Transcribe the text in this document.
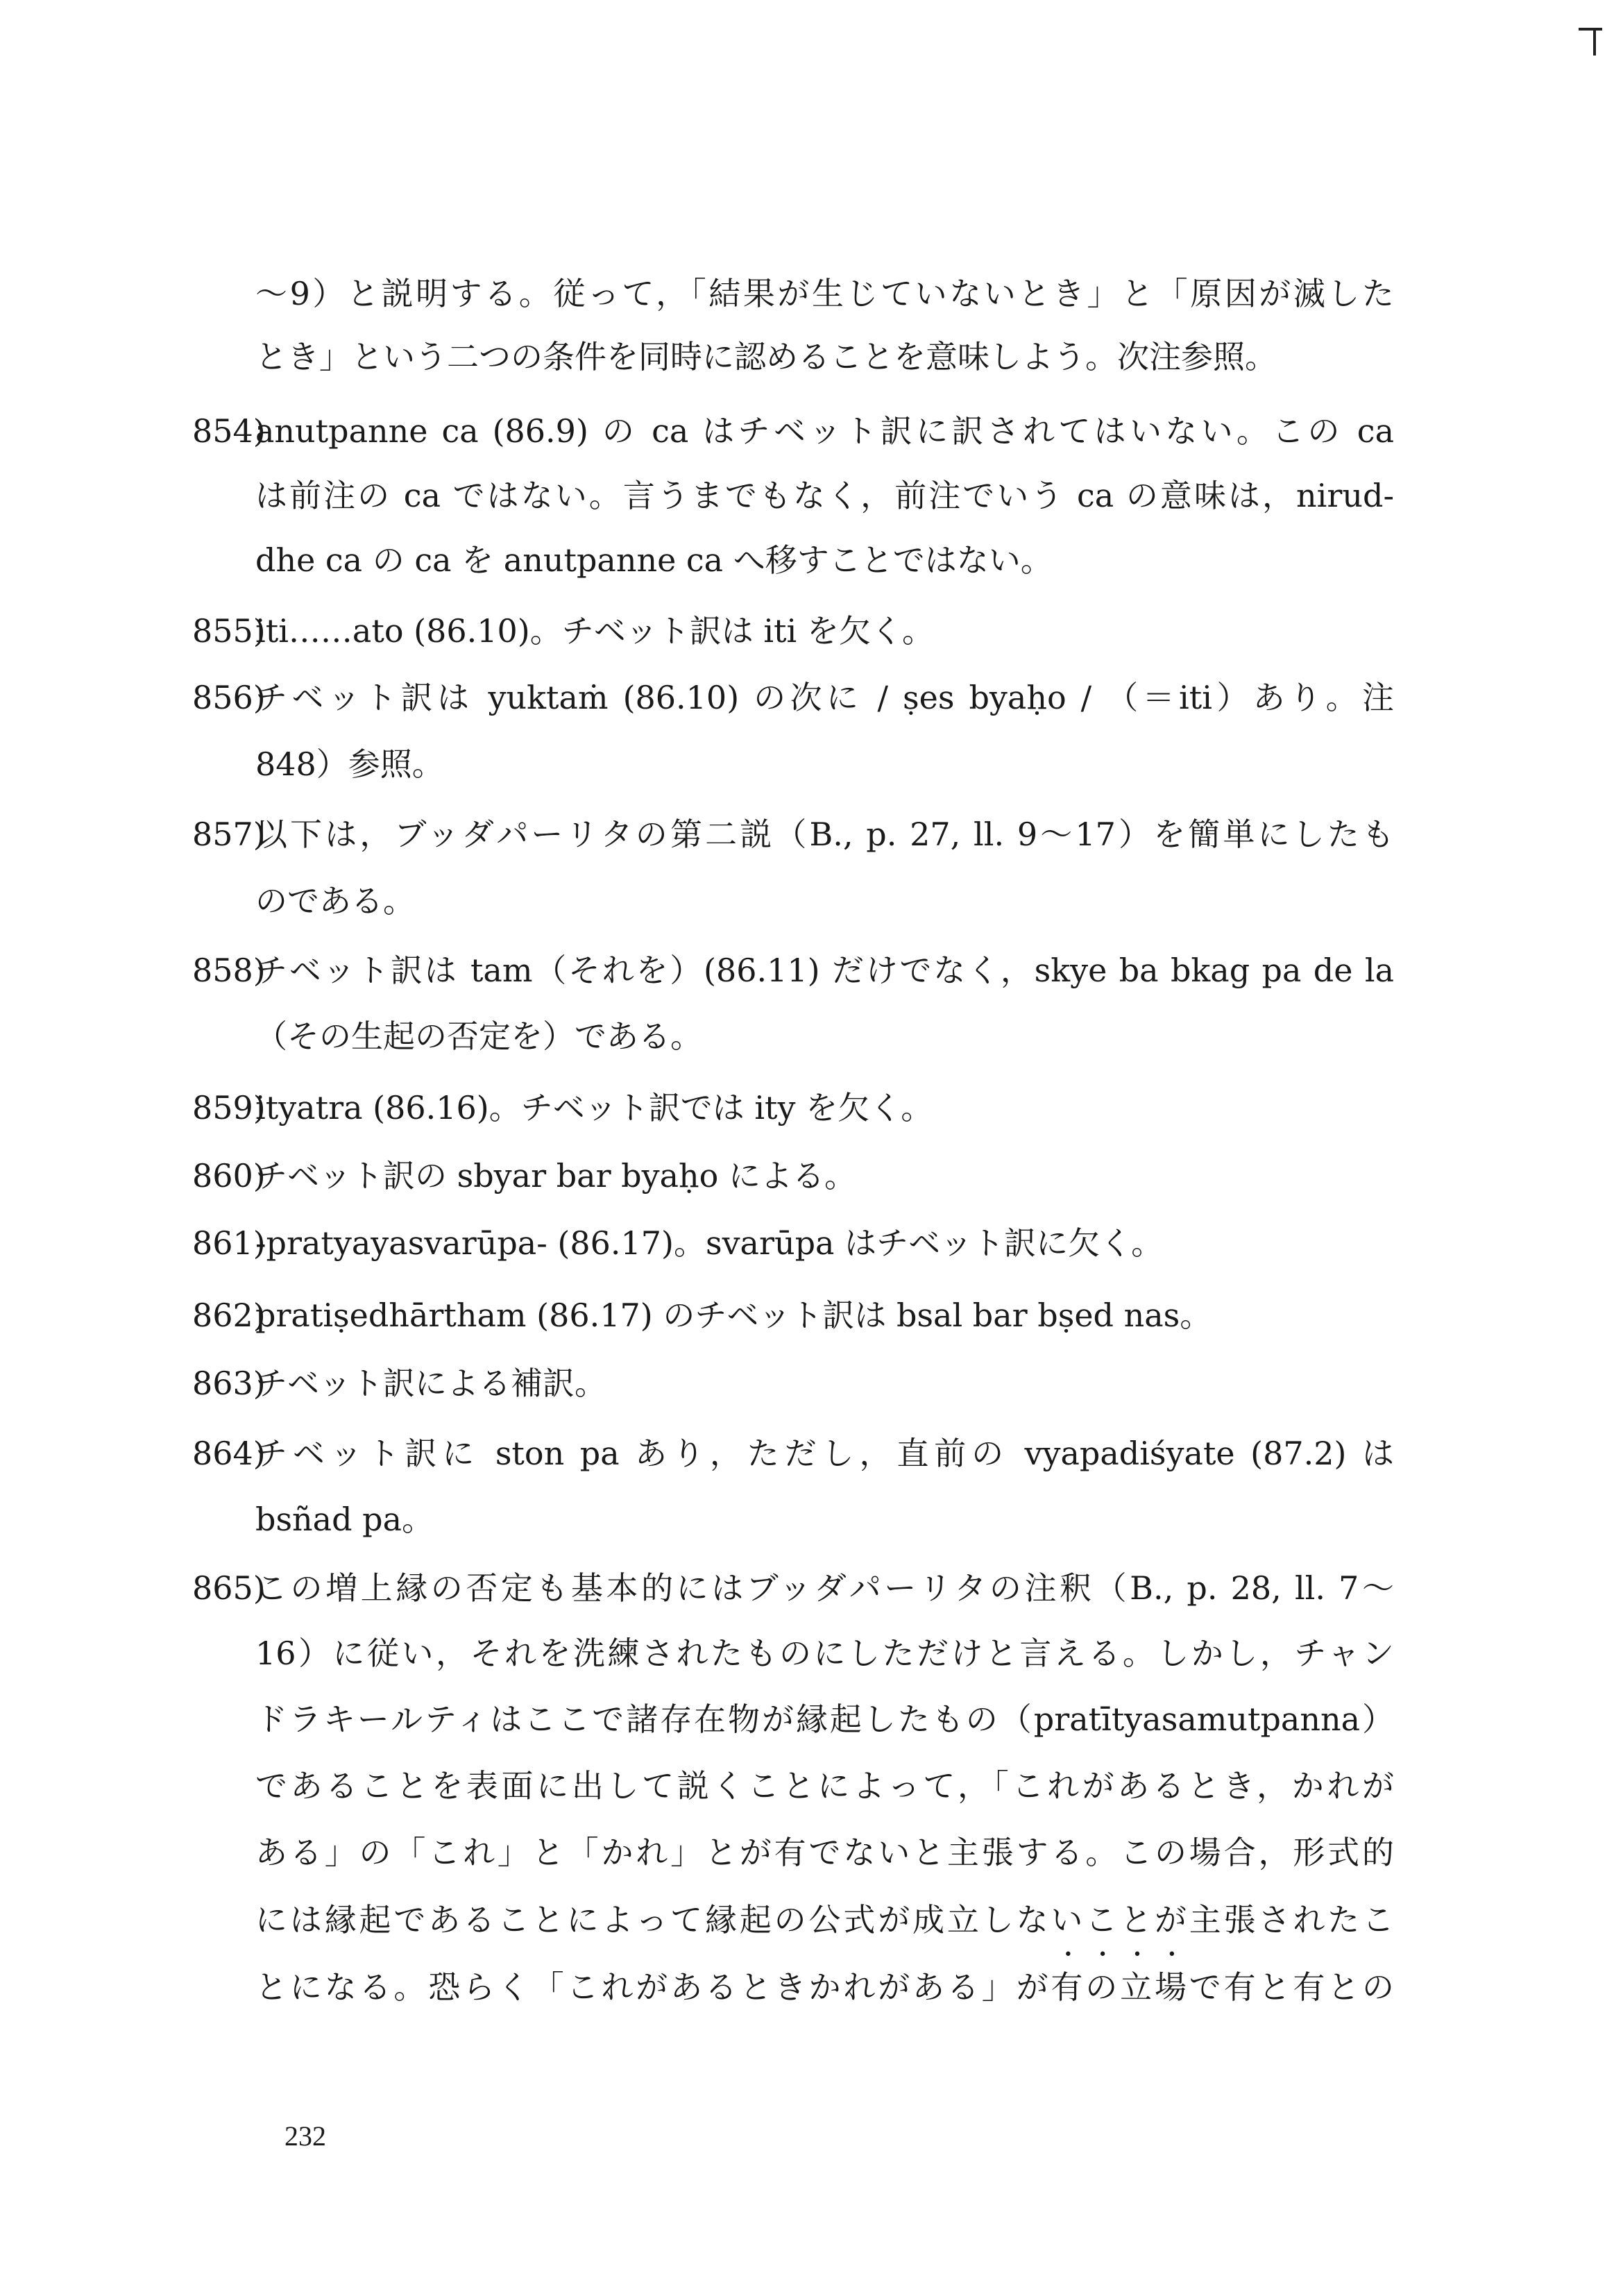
～9）と説明する。従って，「結果が生じていないとき」と「原因が滅した
とき」という二つの条件を同時に認めることを意味しよう。次注参照。
854)
anutpanne ca (86.9) の ca はチベット訳に訳されてはいない。この ca
は前注の ca ではない。言うまでもなく，前注でいう ca の意味は，nirud-
dhe ca の ca を anutpanne ca へ移すことではない。
855)
iti……ato (86.10)。チベット訳は iti を欠く。
856)
チベット訳は yuktaṁ (86.10) の次に / ṣes byaḥo / （＝iti）あり。注
848）参照。
857)
以下は，ブッダパーリタの第二説（B., p. 27, ll. 9～17）を簡単にしたも
のである。
858)
チベット訳は tam（それを）(86.11) だけでなく，skye ba bkag pa de la
（その生起の否定を）である。
859)
ityatra (86.16)。チベット訳では ity を欠く。
860)
チベット訳の sbyar bar byaḥo による。
861)
-pratyayasvarūpa- (86.17)。svarūpa はチベット訳に欠く。
862)
pratiṣedhārtham (86.17) のチベット訳は bsal bar bṣed nas。
863)
チベット訳による補訳。
864)
チベット訳に ston pa あり，ただし，直前の vyapadiśyate (87.2) は
bsñad pa。
865)
この増上縁の否定も基本的にはブッダパーリタの注釈（B., p. 28, ll. 7～
16）に従い，それを洗練されたものにしただけと言える。しかし，チャン
ドラキールティはここで諸存在物が縁起したもの（pratītyasamutpanna）
であることを表面に出して説くことによって，「これがあるとき，かれが
ある」の「これ」と「かれ」とが有でないと主張する。この場合，形式的
には縁起であることによって縁起の公式が成立しないことが主張されたこ
とになる。恐らく「これがあるときかれがある」が有の立場で有と有との
232
